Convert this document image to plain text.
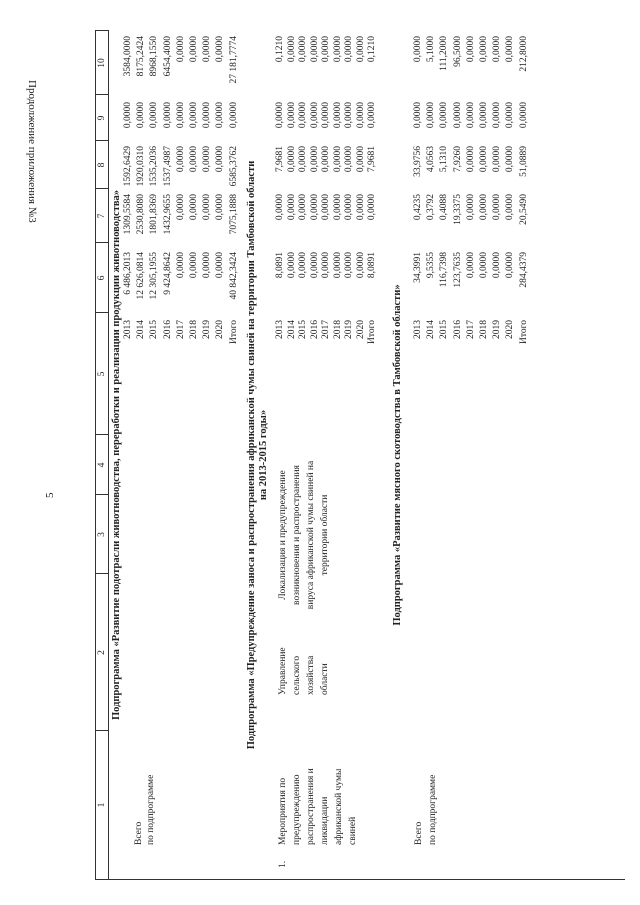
5
Продолжение приложения №3
1
2
3
4
5
6
7
8
9
10
Подпрограмма «Развитие подотрасли животноводства, переработки и реализации продукции животноводства»
Всего по подпрограмме
2013
6 486,2013
1309,5584
1592,6429
0,0000
3584,0000
2014
12 626,0814
2530,8080
1920,0310
0,0000
8175,2424
2015
12 305,1955
1801,8369
1535,2036
0,0000
8968,1550
2016
9 424,8642
1432,9655
1537,4987
0,0000
6454,4000
2017
0,0000
0,0000
0,0000
0,0000
0,0000
2018
0,0000
0,0000
0,0000
0,0000
0,0000
2019
0,0000
0,0000
0,0000
0,0000
0,0000
2020
0,0000
0,0000
0,0000
0,0000
0,0000
Итого
40 842,3424
7075,1888
6585,3762
0,0000
27 181,7774
Подпрограмма «Предупреждение заноса и распространения африканской чумы свиней на территории Тамбовской области на 2013-2015 годы»
1.
Мероприятия по предупреждению распространения и ликвидации африканской чумы свиней
Управление сельского хозяйства области
Локализация и предупреждение возникновения и распространения вируса африканской чумы свиней на территории области
2013
8,0891
0,0000
7,9681
0,0000
0,1210
2014
0,0000
0,0000
0,0000
0,0000
0,0000
2015
0,0000
0,0000
0,0000
0,0000
0,0000
2016
0,0000
0,0000
0,0000
0,0000
0,0000
2017
0,0000
0,0000
0,0000
0,0000
0,0000
2018
0,0000
0,0000
0,0000
0,0000
0,0000
2019
0,0000
0,0000
0,0000
0,0000
0,0000
2020
0,0000
0,0000
0,0000
0,0000
0,0000
Итого
8,0891
0,0000
7,9681
0,0000
0,1210
Подпрограмма «Развитие мясного скотоводства в Тамбовской области»
Всего по подпрограмме
2013
34,3991
0,4235
33,9756
0,0000
0,0000
2014
9,5355
0,3792
4,0563
0,0000
5,1000
2015
116,7398
0,4088
5,1310
0,0000
111,2000
2016
123,7635
19,3375
7,9260
0,0000
96,5000
2017
0,0000
0,0000
0,0000
0,0000
0,0000
2018
0,0000
0,0000
0,0000
0,0000
0,0000
2019
0,0000
0,0000
0,0000
0,0000
0,0000
2020
0,0000
0,0000
0,0000
0,0000
0,0000
Итого
284,4379
20,5490
51,0889
0,0000
212,8000
